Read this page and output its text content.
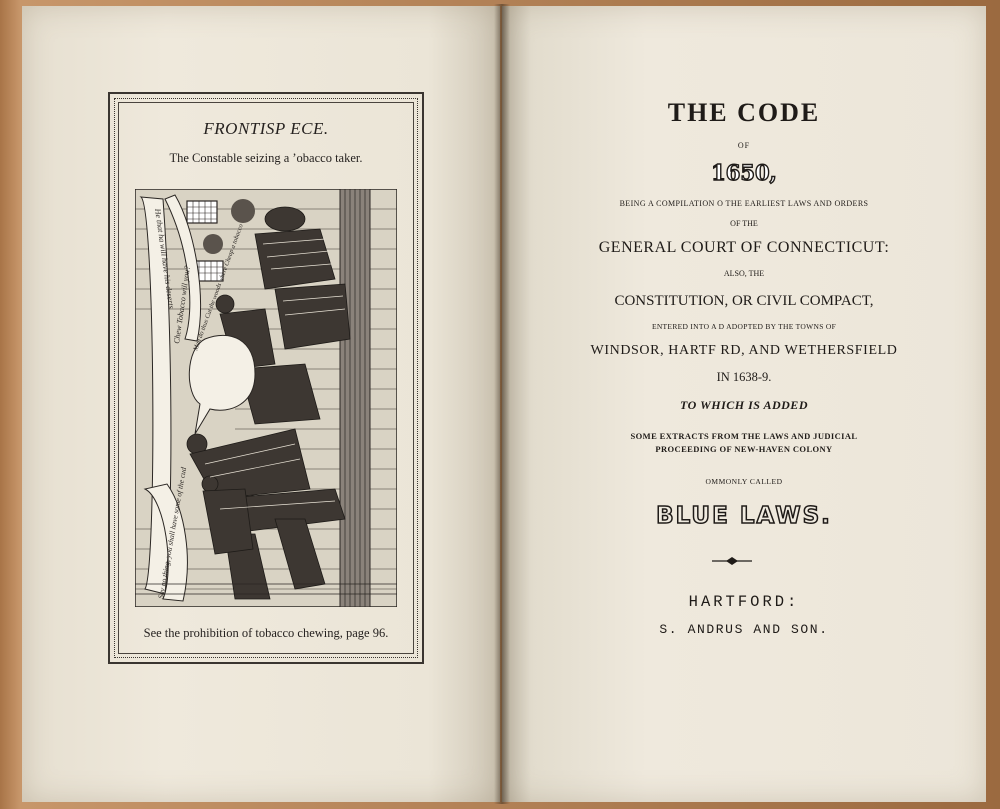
FRONTISP ECE.
The Constable seizing a ʼobacco taker.
He that ha will have his deserts
Chew Tobacco will you? Man do thus Cut the woods where Cheap a tobacco
Say no thing, you shall have some of the cud
See the prohibition of tobacco chewing, page 96.
THE CODE
OF
1650,
BEING A COMPILATION O THE EARLIEST LAWS AND ORDERS
OF THE
GENERAL COURT OF CONNECTICUT:
ALSO, THE
CONSTITUTION, OR CIVIL COMPACT,
ENTERED INTO A D ADOPTED BY THE TOWNS OF
WINDSOR, HARTF RD, AND WETHERSFIELD
IN 1638-9.
TO WHICH IS ADDED
SOME EXTRACTS FROM THE LAWS AND JUDICIAL
PROCEEDING OF NEW-HAVEN COLONY
OMMONLY CALLED
BLUE LAWS.
HARTFORD:
S. ANDRUS AND SON.
